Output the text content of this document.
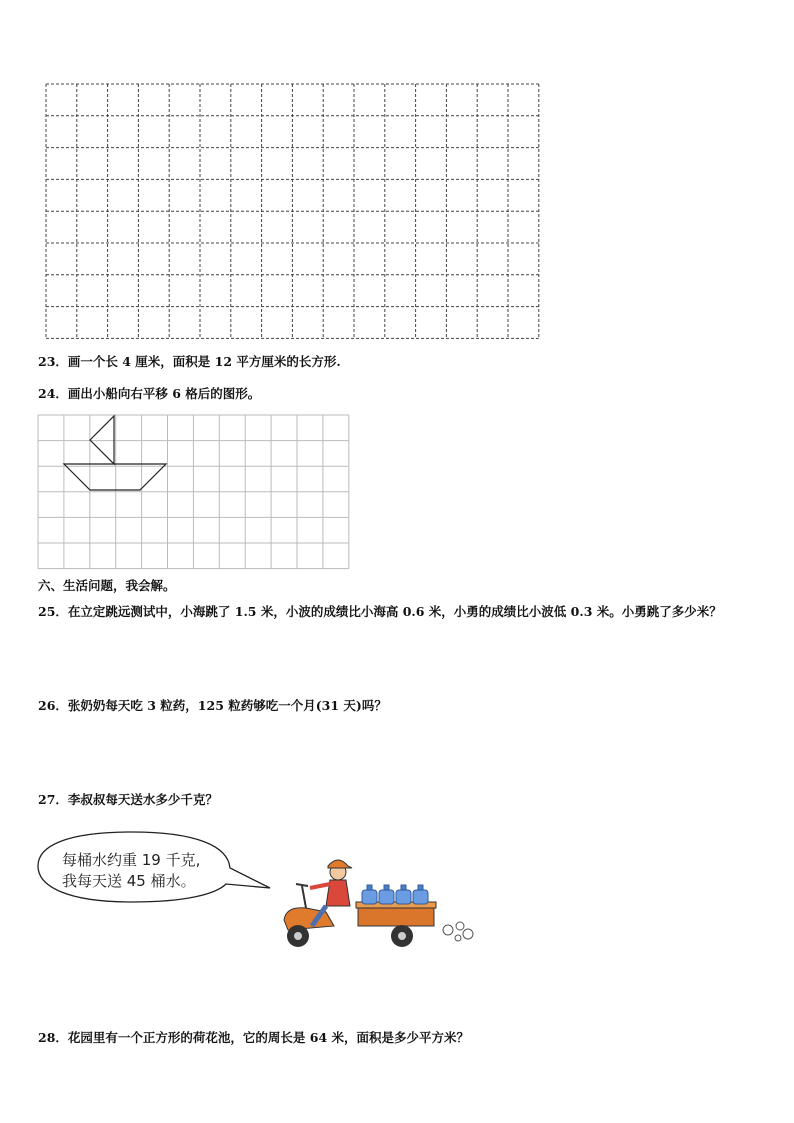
23．画一个长 4 厘米，面积是 12 平方厘米的长方形.
24．画出小船向右平移 6 格后的图形。
六、生活问题，我会解。
25．在立定跳远测试中，小海跳了 1.5 米，小波的成绩比小海高 0.6 米，小勇的成绩比小波低 0.3 米。小勇跳了多少米？
26．张奶奶每天吃 3 粒药，125 粒药够吃一个月(31 天)吗？
27．李叔叔每天送水多少千克？
每桶水约重 19 千克,
我每天送 45 桶水。
28．花园里有一个正方形的荷花池，它的周长是 64 米，面积是多少平方米？
